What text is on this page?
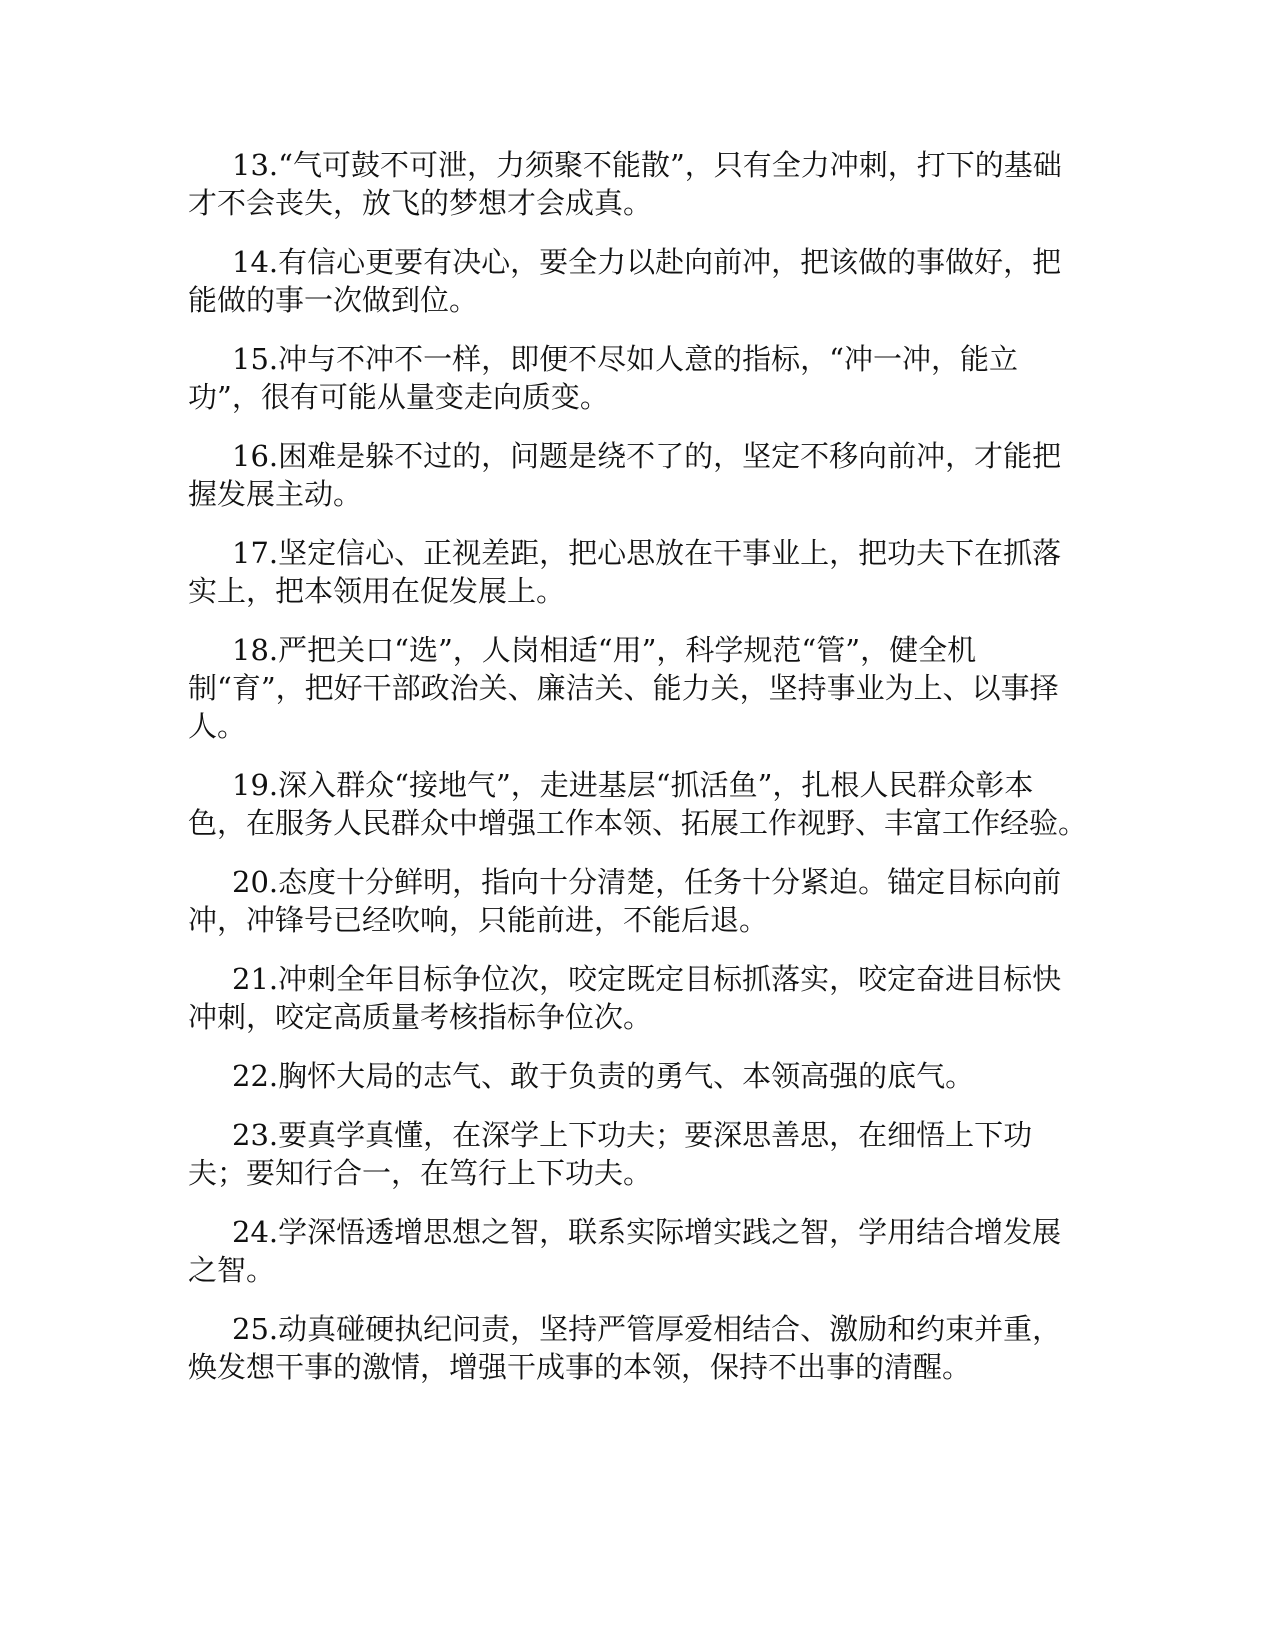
13.“气可鼓不可泄，力须聚不能散”，只有全力冲刺，打下的基础才不会丧失，放飞的梦想才会成真。

14.有信心更要有决心，要全力以赴向前冲，把该做的事做好，把能做的事一次做到位。

15.冲与不冲不一样，即便不尽如人意的指标，“冲一冲，能立功”，很有可能从量变走向质变。

16.困难是躲不过的，问题是绕不了的，坚定不移向前冲，才能把握发展主动。

17.坚定信心、正视差距，把心思放在干事业上，把功夫下在抓落实上，把本领用在促发展上。

18.严把关口“选”，人岗相适“用”，科学规范“管”，健全机制“育”，把好干部政治关、廉洁关、能力关，坚持事业为上、以事择人。

19.深入群众“接地气”，走进基层“抓活鱼”，扎根人民群众彰本色，在服务人民群众中增强工作本领、拓展工作视野、丰富工作经验。

20.态度十分鲜明，指向十分清楚，任务十分紧迫。锚定目标向前冲，冲锋号已经吹响，只能前进，不能后退。

21.冲刺全年目标争位次，咬定既定目标抓落实，咬定奋进目标快冲刺，咬定高质量考核指标争位次。

22.胸怀大局的志气、敢于负责的勇气、本领高强的底气。

23.要真学真懂，在深学上下功夫；要深思善思，在细悟上下功夫；要知行合一，在笃行上下功夫。

24.学深悟透增思想之智，联系实际增实践之智，学用结合增发展之智。

25.动真碰硬执纪问责，坚持严管厚爱相结合、激励和约束并重，焕发想干事的激情，增强干成事的本领，保持不出事的清醒。
